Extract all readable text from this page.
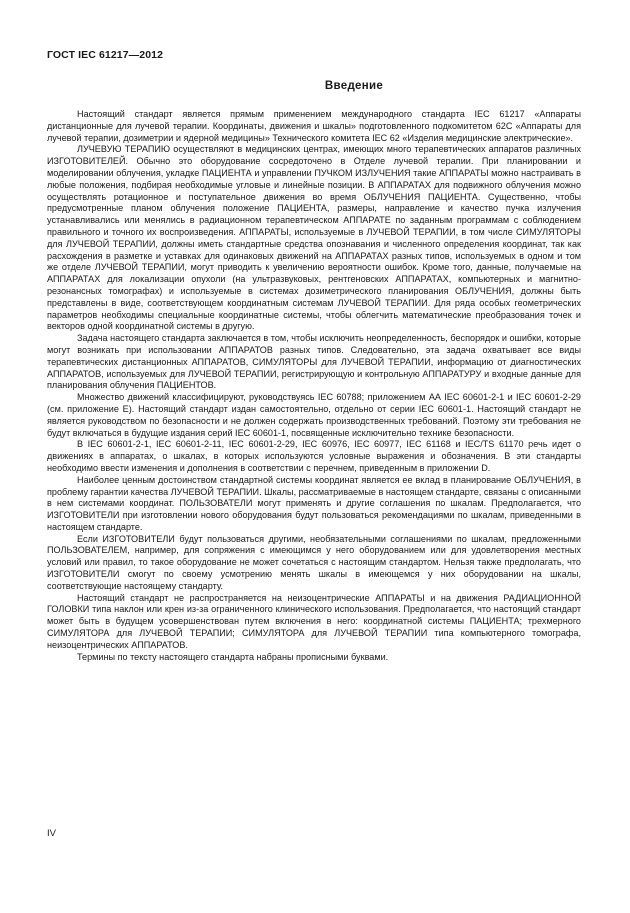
ГОСТ IEC 61217—2012
Введение

Настоящий стандарт является прямым применением международного стандарта IEC 61217 «Аппараты дистанционные для лучевой терапии. Координаты, движения и шкалы» подготовленного подкомитетом 62С «Аппараты для лучевой терапии, дозиметрии и ядерной медицины» Технического комитета IEC 62 «Изделия медицинские электрические».

ЛУЧЕВУЮ ТЕРАПИЮ осуществляют в медицинских центрах, имеющих много терапевтических аппаратов различных ИЗГОТОВИТЕЛЕЙ. Обычно это оборудование сосредоточено в Отделе лучевой терапии. При планировании и моделировании облучения, укладке ПАЦИЕНТА и управлении ПУЧКОМ ИЗЛУЧЕНИЯ такие АППАРАТЫ можно настраивать в любые положения, подбирая необходимые угловые и линейные позиции. В АППАРАТАХ для подвижного облучения можно осуществлять ротационное и поступательное движения во время ОБЛУЧЕНИЯ ПАЦИЕНТА. Существенно, чтобы предусмотренные планом облучения положение ПАЦИЕНТА, размеры, направление и качество пучка излучения устанавливались или менялись в радиационном терапевтическом АППАРАТЕ по заданным программам с соблюдением правильного и точного их воспроизведения. АППАРАТЫ, используемые в ЛУЧЕВОЙ ТЕРАПИИ, в том числе СИМУЛЯТОРЫ для ЛУЧЕВОЙ ТЕРАПИИ, должны иметь стандартные средства опознавания и численного определения координат, так как расхождения в разметке и уставках для одинаковых движений на АППАРАТАХ разных типов, используемых в одном и том же отделе ЛУЧЕВОЙ ТЕРАПИИ, могут приводить к увеличению вероятности ошибок. Кроме того, данные, получаемые на АППАРАТАХ для локализации опухоли (на ультразвуковых, рентгеновских АППАРАТАХ, компьютерных и магнитно-резонансных томографах) и используемые в системах дозиметрического планирования ОБЛУЧЕНИЯ, должны быть представлены в виде, соответствующем координатным системам ЛУЧЕВОЙ ТЕРАПИИ. Для ряда особых геометрических параметров необходимы специальные координатные системы, чтобы облегчить математические преобразования точек и векторов одной координатной системы в другую.

Задача настоящего стандарта заключается в том, чтобы исключить неопределенность, беспорядок и ошибки, которые могут возникать при использовании АППАРАТОВ разных типов. Следовательно, эта задача охватывает все виды терапевтических дистанционных АППАРАТОВ, СИМУЛЯТОРЫ для ЛУЧЕВОЙ ТЕРАПИИ, информацию от диагностических АППАРАТОВ, используемых для ЛУЧЕВОЙ ТЕРАПИИ, регистрирующую и контрольную АППАРАТУРУ и входные данные для планирования облучения ПАЦИЕНТОВ.

Множество движений классифицируют, руководствуясь IEC 60788; приложением АА IEC 60601-2-1 и IEC 60601-2-29 (см. приложение Е). Настоящий стандарт издан самостоятельно, отдельно от серии IEC 60601-1. Настоящий стандарт не является руководством по безопасности и не должен содержать производственных требований. Поэтому эти требования не будут включаться в будущие издания серий IEC 60601-1, посвященные исключительно технике безопасности.

В IEC 60601-2-1, IEC 60601-2-11, IEC 60601-2-29, IEC 60976, IEC 60977, IEC 61168 и IEC/TS 61170 речь идет о движениях в аппаратах, о шкалах, в которых используются условные выражения и обозначения. В эти стандарты необходимо ввести изменения и дополнения в соответствии с перечнем, приведенным в приложении D.

Наиболее ценным достоинством стандартной системы координат является ее вклад в планирование ОБЛУЧЕНИЯ, в проблему гарантии качества ЛУЧЕВОЙ ТЕРАПИИ. Шкалы, рассматриваемые в настоящем стандарте, связаны с описанными в нем системами координат. ПОЛЬЗОВАТЕЛИ могут применять и другие соглашения по шкалам. Предполагается, что ИЗГОТОВИТЕЛИ при изготовлении нового оборудования будут пользоваться рекомендациями по шкалам, приведенными в настоящем стандарте.

Если ИЗГОТОВИТЕЛИ будут пользоваться другими, необязательными соглашениями по шкалам, предложенными ПОЛЬЗОВАТЕЛЕМ, например, для сопряжения с имеющимся у него оборудованием или для удовлетворения местных условий или правил, то такое оборудование не может сочетаться с настоящим стандартом. Нельзя также предполагать, что ИЗГОТОВИТЕЛИ смогут по своему усмотрению менять шкалы в имеющемся у них оборудовании на шкалы, соответствующие настоящему стандарту.

Настоящий стандарт не распространяется на неизоцентрические АППАРАТЫ и на движения РАДИАЦИОННОЙ ГОЛОВКИ типа наклон или крен из-за ограниченного клинического использования. Предполагается, что настоящий стандарт может быть в будущем усовершенствован путем включения в него: координатной системы ПАЦИЕНТА; трехмерного СИМУЛЯТОРА для ЛУЧЕВОЙ ТЕРАПИИ; СИМУЛЯТОРА для ЛУЧЕВОЙ ТЕРАПИИ типа компьютерного томографа, неизоцентрических АППАРАТОВ.

Термины по тексту настоящего стандарта набраны прописными буквами.

IV
